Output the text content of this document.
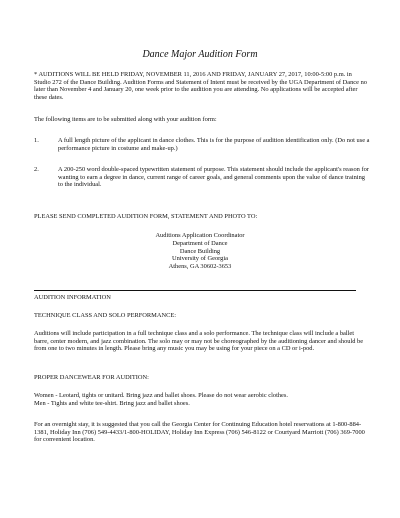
Dance Major Audition Form

* AUDITIONS WILL BE HELD FRIDAY, NOVEMBER 11, 2016 AND FRIDAY, JANUARY 27, 2017, 10:00-5:00 p.m. in Studio 272 of the Dance Building. Audition Forms and Statement of Intent must be received by the UGA Department of Dance no later than November 4 and January 20, one week prior to the audition you are attending. No applications will be accepted after these dates.

The following items are to be submitted along with your audition form:

1.	A full length picture of the applicant in dance clothes. This is for the purpose of audition identification only. (Do not use a performance picture in costume and make-up.)

2.	A 200-250 word double-spaced typewritten statement of purpose. This statement should include the applicant's reason for wanting to earn a degree in dance, current range of career goals, and general comments upon the value of dance training to the individual.

PLEASE SEND COMPLETED AUDITION FORM, STATEMENT AND PHOTO TO:

Auditions Application Coordinator
Department of Dance
Dance Building
University of Georgia
Athens, GA 30602-3653

AUDITION INFORMATION

TECHNIQUE CLASS AND SOLO PERFORMANCE:

Auditions will include participation in a full technique class and a solo performance. The technique class will include a ballet barre, center modern, and jazz combination. The solo may or may not be choreographed by the auditioning dancer and should be from one to two minutes in length. Please bring any music you may be using for your piece on a CD or i-pod.

PROPER DANCEWEAR FOR AUDITION:

Women - Leotard, tights or unitard. Bring jazz and ballet shoes. Please do not wear aerobic clothes.
Men - Tights and white tee-shirt. Bring jazz and ballet shoes.

For an overnight stay, it is suggested that you call the Georgia Center for Continuing Education hotel reservations at 1-800-884-1381, Holiday Inn (706) 549-4433/1-800-HOLIDAY, Holiday Inn Express (706) 546-8122 or Courtyard Marriott (706) 369-7000 for convenient location.
